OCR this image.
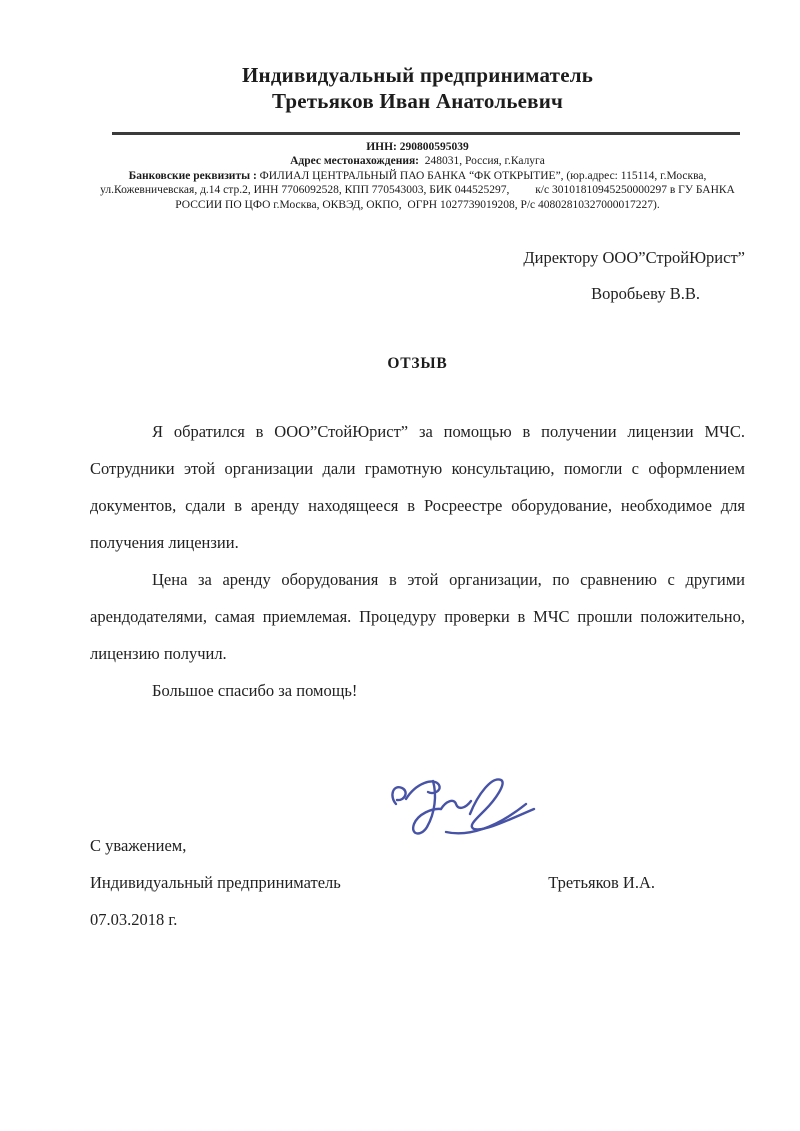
Индивидуальный предприниматель
Третьяков Иван Анатольевич
ИНН: 290800595039
Адрес местонахождения:  248031, Россия, г.Калуга
Банковские реквизиты : ФИЛИАЛ ЦЕНТРАЛЬНЫЙ ПАО БАНКА “ФК ОТКРЫТИЕ”, (юр.адрес: 115114, г.Москва, ул.Кожевничевская, д.14 стр.2, ИНН 7706092528, КПП 770543003, БИК 044525297,         к/с 30101810945250000297 в ГУ БАНКА РОССИИ ПО ЦФО г.Москва, ОКВЭД, ОКПО,  ОГРН 1027739019208, Р/с 40802810327000017227).
Директору ООО”СтройЮрист”
Воробьеву В.В.
ОТЗЫВ

Я обратился в ООО”СтойЮрист” за помощью в получении лицензии МЧС. Сотрудники этой организации дали грамотную консультацию, помогли с оформлением документов, сдали в аренду находящееся в Росреестре оборудование, необходимое для получения лицензии.

Цена за аренду оборудования в этой организации, по сравнению с другими арендодателями, самая приемлемая. Процедуру проверки в МЧС прошли положительно, лицензию получил.

Большое спасибо за помощь!

С уважением,
Индивидуальный предприниматель	Третьяков И.А.
07.03.2018 г.
